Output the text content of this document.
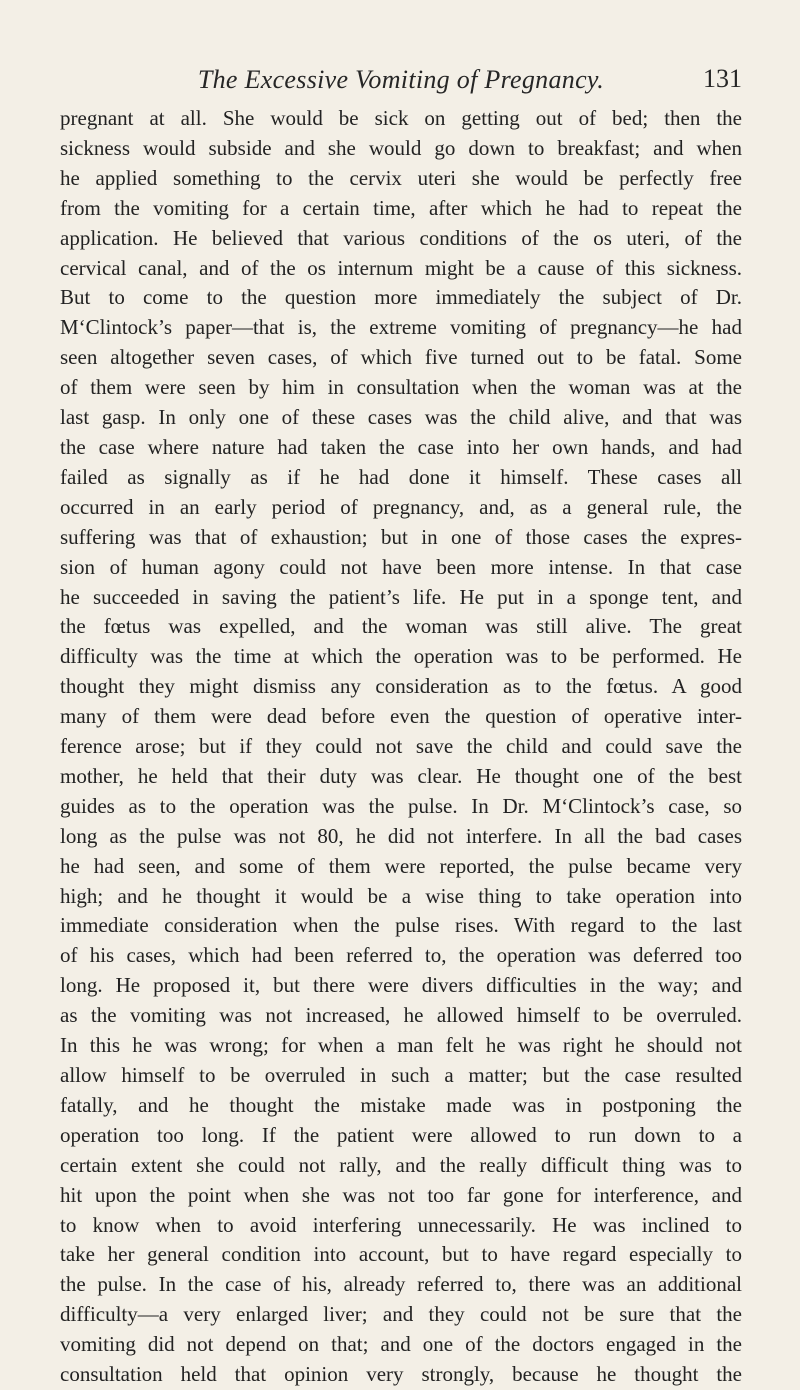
The Excessive Vomiting of Pregnancy.	131

pregnant at all. She would be sick on getting out of bed; then the
sickness would subside and she would go down to breakfast; and when
he applied something to the cervix uteri she would be perfectly free
from the vomiting for a certain time, after which he had to repeat the
application. He believed that various conditions of the os uteri, of the
cervical canal, and of the os internum might be a cause of this sickness.
But to come to the question more immediately the subject of Dr.
M‘Clintock’s paper—that is, the extreme vomiting of pregnancy—he had
seen altogether seven cases, of which five turned out to be fatal. Some
of them were seen by him in consultation when the woman was at the
last gasp. In only one of these cases was the child alive, and that was
the case where nature had taken the case into her own hands, and had
failed as signally as if he had done it himself. These cases all
occurred in an early period of pregnancy, and, as a general rule, the
suffering was that of exhaustion; but in one of those cases the expres-
sion of human agony could not have been more intense. In that case
he succeeded in saving the patient’s life. He put in a sponge tent, and
the fœtus was expelled, and the woman was still alive. The great
difficulty was the time at which the operation was to be performed. He
thought they might dismiss any consideration as to the fœtus. A good
many of them were dead before even the question of operative inter-
ference arose; but if they could not save the child and could save the
mother, he held that their duty was clear. He thought one of the best
guides as to the operation was the pulse. In Dr. M‘Clintock’s case, so
long as the pulse was not 80, he did not interfere. In all the bad cases
he had seen, and some of them were reported, the pulse became very
high; and he thought it would be a wise thing to take operation into
immediate consideration when the pulse rises. With regard to the last
of his cases, which had been referred to, the operation was deferred too
long. He proposed it, but there were divers difficulties in the way; and
as the vomiting was not increased, he allowed himself to be overruled.
In this he was wrong; for when a man felt he was right he should not
allow himself to be overruled in such a matter; but the case resulted
fatally, and he thought the mistake made was in postponing the
operation too long. If the patient were allowed to run down to a
certain extent she could not rally, and the really difficult thing was to
hit upon the point when she was not too far gone for interference, and
to know when to avoid interfering unnecessarily. He was inclined to
take her general condition into account, but to have regard especially to
the pulse. In the case of his, already referred to, there was an additional
difficulty—a very enlarged liver; and they could not be sure that the
vomiting did not depend on that; and one of the doctors engaged in the
consultation held that opinion very strongly, because he thought the
